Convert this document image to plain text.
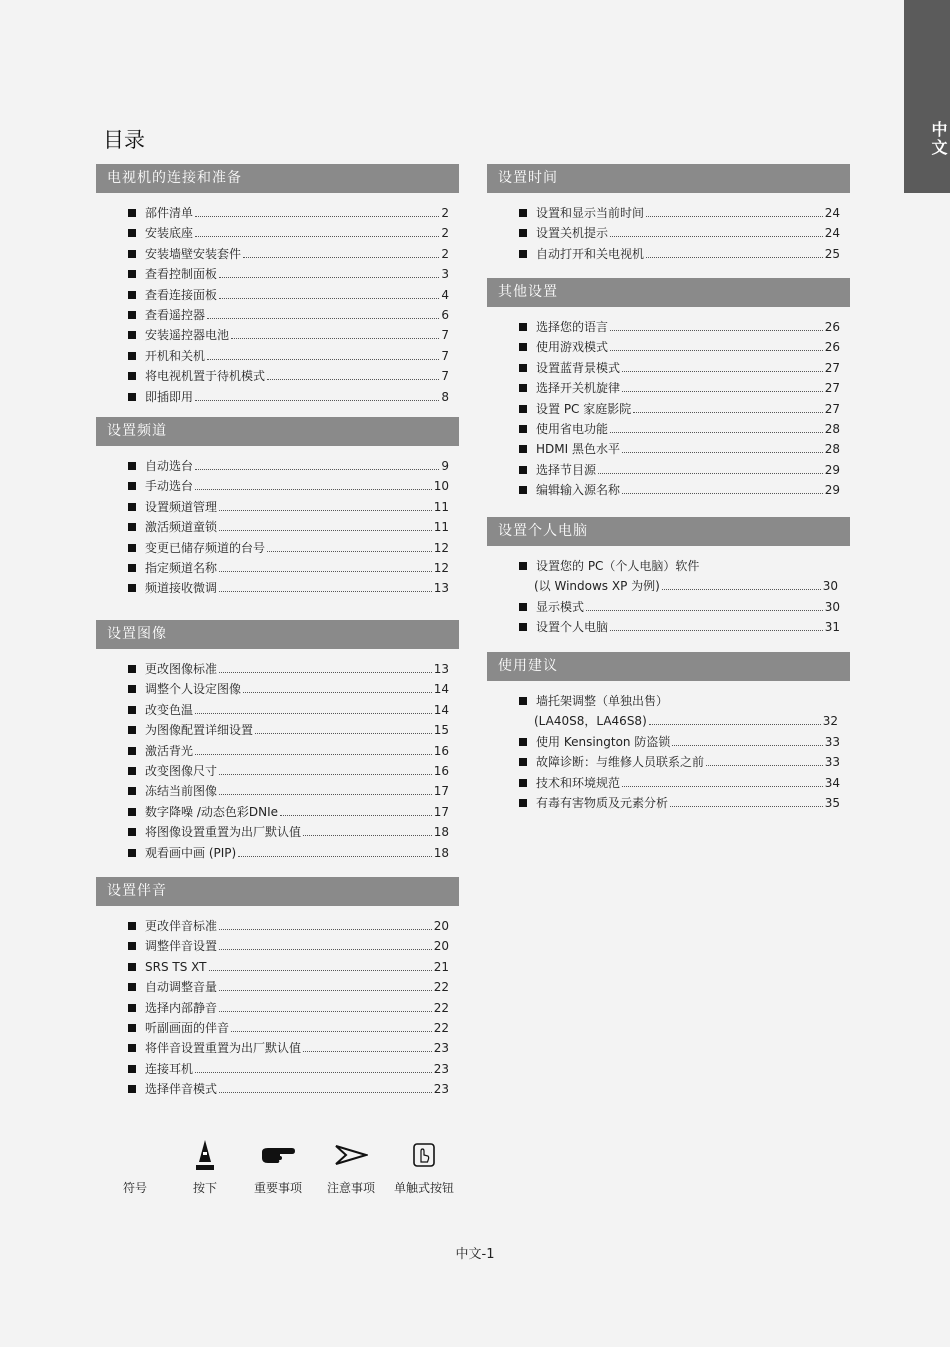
中文
目录
电视机的连接和准备
部件清单	2
安装底座	2
安装墙壁安装套件	2
查看控制面板	3
查看连接面板	4
查看遥控器	6
安装遥控器电池	7
开机和关机	7
将电视机置于待机模式	7
即插即用	8
设置频道
自动选台	9
手动选台	10
设置频道管理	11
激活频道童锁	11
变更已储存频道的台号	12
指定频道名称	12
频道接收微调	13
设置图像
更改图像标准	13
调整个人设定图像	14
改变色温	14
为图像配置详细设置	15
激活背光	16
改变图像尺寸	16
冻结当前图像	17
数字降噪 /动态色彩DNIe	17
将图像设置重置为出厂默认值	18
观看画中画 (PIP)	18
设置伴音
更改伴音标准	20
调整伴音设置	20
SRS TS XT	21
自动调整音量	22
选择内部静音	22
听副画面的伴音	22
将伴音设置重置为出厂默认值	23
连接耳机	23
选择伴音模式	23
设置时间
设置和显示当前时间	24
设置关机提示	24
自动打开和关电视机	25
其他设置
选择您的语言	26
使用游戏模式	26
设置蓝背景模式	27
选择开关机旋律	27
设置 PC 家庭影院	27
使用省电功能	28
HDMI 黑色水平	28
选择节目源	29
编辑输入源名称	29
设置个人电脑
设置您的 PC（个人电脑）软件
(以 Windows XP 为例)	30
显示模式	30
设置个人电脑	31
使用建议
墙托架调整（单独出售）
(LA40S8，LA46S8)	32
使用 Kensington 防盗锁	33
故障诊断：与维修人员联系之前	33
技术和环境规范	34
有毒有害物质及元素分析	35
符号	按下	重要事项	注意事项	单触式按钮
中文-1
